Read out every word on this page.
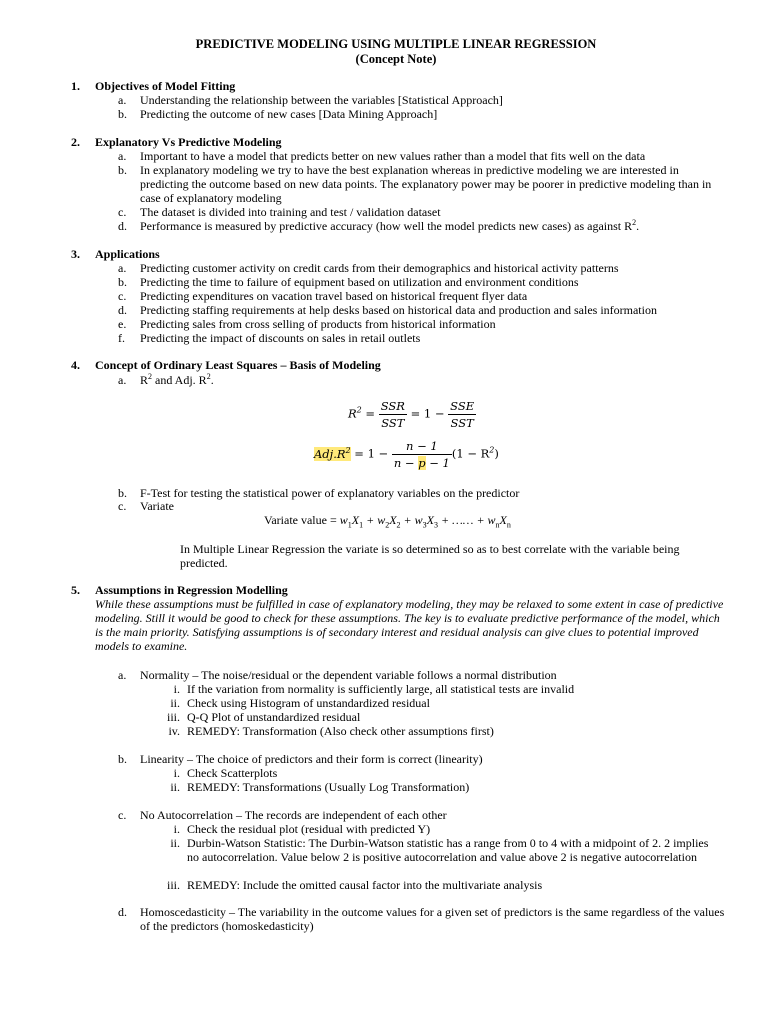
PREDICTIVE MODELING USING MULTIPLE LINEAR REGRESSION
(Concept Note)
1. Objectives of Model Fitting
a. Understanding the relationship between the variables [Statistical Approach]
b. Predicting the outcome of new cases [Data Mining Approach]
2. Explanatory Vs Predictive Modeling
a. Important to have a model that predicts better on new values rather than a model that fits well on the data
b. In explanatory modeling we try to have the best explanation whereas in predictive modeling we are interested in predicting the outcome based on new data points. The explanatory power may be poorer in predictive modeling than in case of explanatory modeling
c. The dataset is divided into training and test / validation dataset
d. Performance is measured by predictive accuracy (how well the model predicts new cases) as against $R^2$.
3. Applications
a. Predicting customer activity on credit cards from their demographics and historical activity patterns
b. Predicting the time to failure of equipment based on utilization and environment conditions
c. Predicting expenditures on vacation travel based on historical frequent flyer data
d. Predicting staffing requirements at help desks based on historical data and production and sales information
e. Predicting sales from cross selling of products from historical information
f. Predicting the impact of discounts on sales in retail outlets
4. Concept of Ordinary Least Squares – Basis of Modeling
a. $R^2$ and Adj. $R^2$.
$R^2 = \frac{\text{SSR}}{\text{SST}} = 1 - \frac{\text{SSE}}{\text{SST}}$
$Adj.R^2 = 1 - \frac{n - 1}{n - p - 1} (1 - R^2)$
b. F-Test for testing the statistical power of explanatory variables on the predictor
c. Variate
Variate value = $w_1X_1 + w_2X_2 + w_3X_3$ + …… + $w_nX_n$
In Multiple Linear Regression the variate is so determined so as to best correlate with the variable being predicted.
5. Assumptions in Regression Modelling
While these assumptions must be fulfilled in case of explanatory modeling, they may be relaxed to some extent in case of predictive modeling. Still it would be good to check for these assumptions. The key is to evaluate predictive performance of the model, which is the main priority. Satisfying assumptions is of secondary interest and residual analysis can give clues to potential improved models to examine.
a. Normality – The noise/residual or the dependent variable follows a normal distribution
i. If the variation from normality is sufficiently large, all statistical tests are invalid
ii. Check using Histogram of unstandardized residual
iii. Q-Q Plot of unstandardized residual
iv. REMEDY: Transformation (Also check other assumptions first)
b. Linearity – The choice of predictors and their form is correct (linearity)
i. Check Scatterplots
ii. REMEDY: Transformations (Usually Log Transformation)
c. No Autocorrelation – The records are independent of each other
i. Check the residual plot (residual with predicted Y)
ii. Durbin-Watson Statistic: The Durbin-Watson statistic has a range from 0 to 4 with a midpoint of 2. 2 implies no autocorrelation. Value below 2 is positive autocorrelation and value above 2 is negative autocorrelation
iii. REMEDY: Include the omitted causal factor into the multivariate analysis
d. Homoscedasticity – The variability in the outcome values for a given set of predictors is the same regardless of the values of the predictors (homoskedasticity)
